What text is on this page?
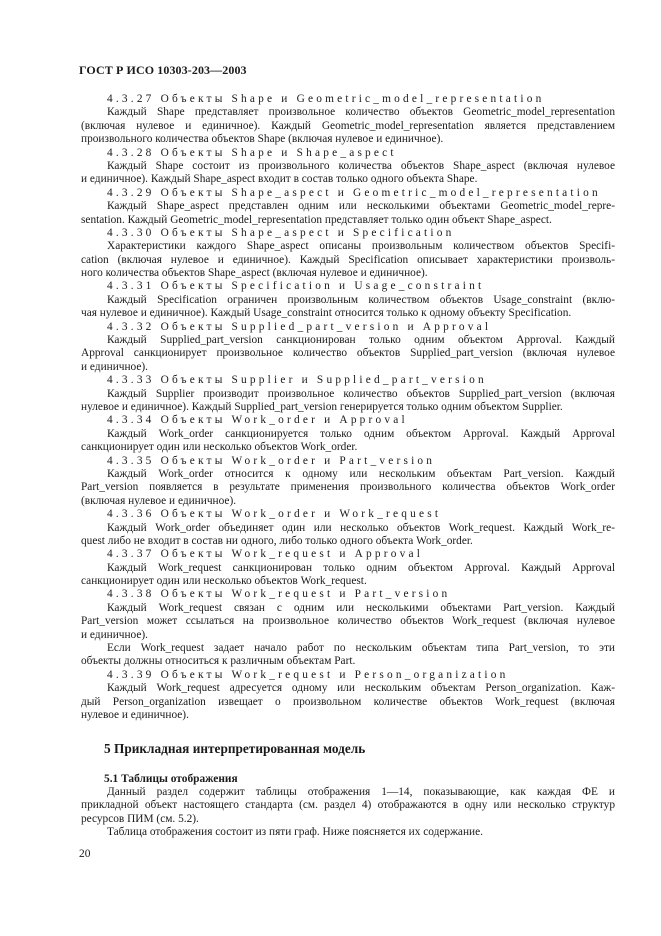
ГОСТ Р ИСО 10303-203—2003
4.3.27 Объекты Shape и Geometric_model_representation
Каждый Shape представляет произвольное количество объектов Geometric_model_representation
(включая нулевое и единичное). Каждый Geometric_model_representation является представлением
произвольного количества объектов Shape (включая нулевое и единичное).
4.3.28 Объекты Shape и Shape_aspect
Каждый Shape состоит из произвольного количества объектов Shape_aspect (включая нулевое
и единичное). Каждый Shape_aspect входит в состав только одного объекта Shape.
4.3.29 Объекты Shape_aspect и Geometric_model_representation
Каждый Shape_aspect представлен одним или несколькими объектами Geometric_model_repre-
sentation. Каждый Geometric_model_representation представляет только один объект Shape_aspect.
4.3.30 Объекты Shape_aspect и Specification
Характеристики каждого Shape_aspect описаны произвольным количеством объектов Specifi-
cation (включая нулевое и единичное). Каждый Specification описывает характеристики произволь-
ного количества объектов Shape_aspect (включая нулевое и единичное).
4.3.31 Объекты Specification и Usage_constraint
Каждый Specification ограничен произвольным количеством объектов Usage_constraint (вклю-
чая нулевое и единичное). Каждый Usage_constraint относится только к одному объекту Specification.
4.3.32 Объекты Supplied_part_version и Approval
Каждый Supplied_part_version санкционирован только одним объектом Approval. Каждый
Approval санкционирует произвольное количество объектов Supplied_part_version (включая нулевое
и единичное).
4.3.33 Объекты Supplier и Supplied_part_version
Каждый Supplier производит произвольное количество объектов Supplied_part_version (включая
нулевое и единичное). Каждый Supplied_part_version генерируется только одним объектом Supplier.
4.3.34 Объекты Work_order и Approval
Каждый Work_order санкционируется только одним объектом Approval. Каждый Approval
санкционирует один или несколько объектов Work_order.
4.3.35 Объекты Work_order и Part_version
Каждый Work_order относится к одному или нескольким объектам Part_version. Каждый
Part_version появляется в результате применения произвольного количества объектов Work_order
(включая нулевое и единичное).
4.3.36 Объекты Work_order и Work_request
Каждый Work_order объединяет один или несколько объектов Work_request. Каждый Work_re-
quest либо не входит в состав ни одного, либо только одного объекта Work_order.
4.3.37 Объекты Work_request и Approval
Каждый Work_request санкционирован только одним объектом Approval. Каждый Approval
санкционирует один или несколько объектов Work_request.
4.3.38 Объекты Work_request и Part_version
Каждый Work_request связан с одним или несколькими объектами Part_version. Каждый
Part_version может ссылаться на произвольное количество объектов Work_request (включая нулевое
и единичное).
Если Work_request задает начало работ по нескольким объектам типа Part_version, то эти
объекты должны относиться к различным объектам Part.
4.3.39 Объекты Work_request и Person_organization
Каждый Work_request адресуется одному или нескольким объектам Person_organization. Каж-
дый Person_organization извещает о произвольном количестве объектов Work_request (включая
нулевое и единичное).
5 Прикладная интерпретированная модель
5.1 Таблицы отображения
Данный раздел содержит таблицы отображения 1—14, показывающие, как каждая ФЕ и
прикладной объект настоящего стандарта (см. раздел 4) отображаются в одну или несколько структур
ресурсов ПИМ (см. 5.2).
Таблица отображения состоит из пяти граф. Ниже поясняется их содержание.
20
